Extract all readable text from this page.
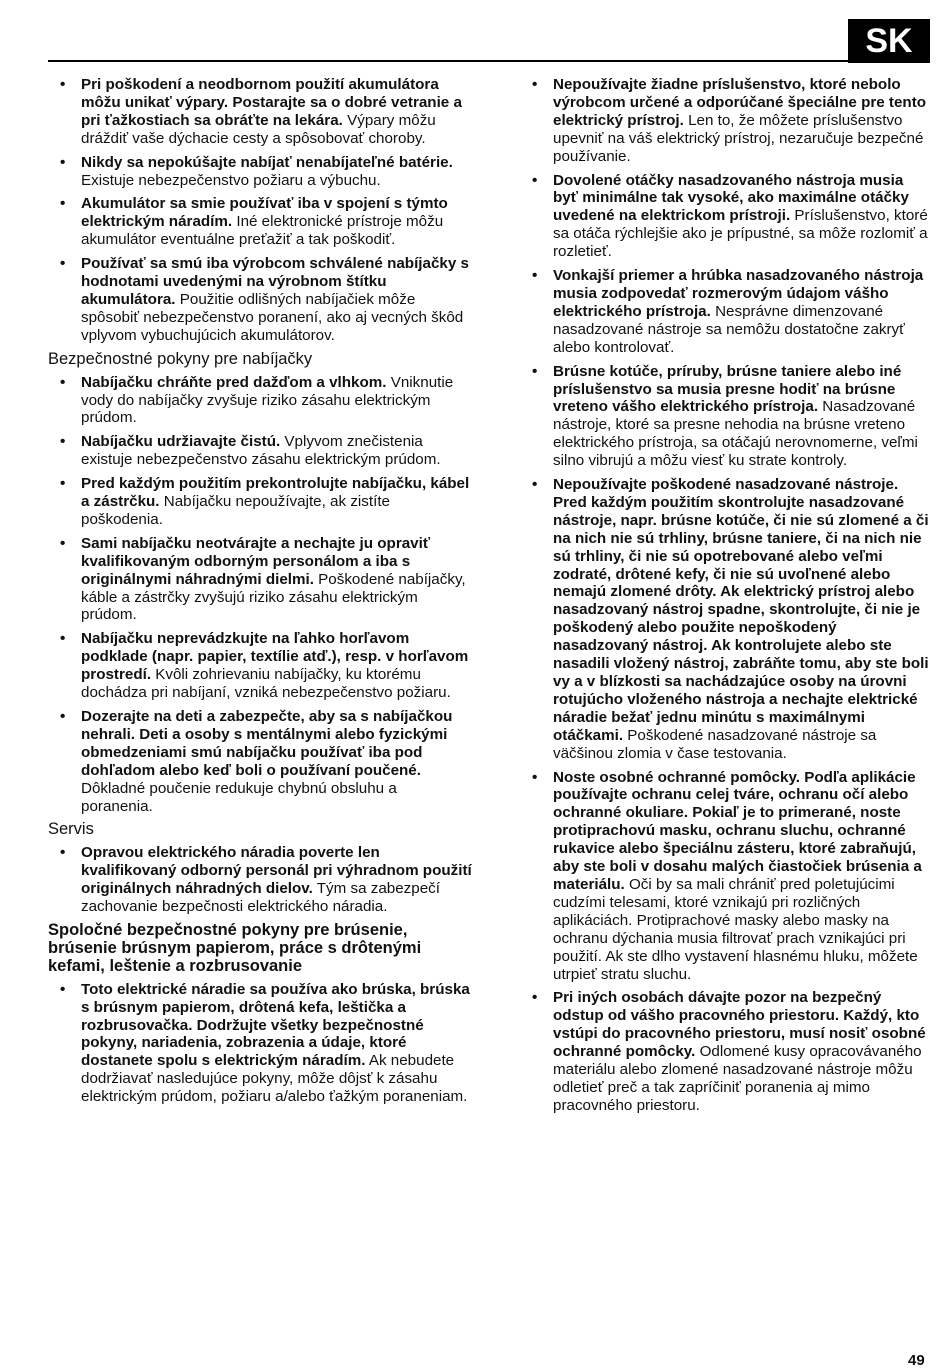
SK
• Pri poškodení a neodbornom použití akumulátora môžu unikať výpary. Postarajte sa o dobré vetranie a pri ťažkostiach sa obráťte na lekára. Výpary môžu dráždiť vaše dýchacie cesty a spôsobovať choroby.
• Nikdy sa nepokúšajte nabíjať nenabíjateľné batérie. Existuje nebezpečenstvo požiaru a výbuchu.
• Akumulátor sa smie používať iba v spojení s týmto elektrickým náradím. Iné elektronické prístroje môžu akumulátor eventuálne preťažiť a tak poškodiť.
• Používať sa smú iba výrobcom schválené nabíjačky s hodnotami uvedenými na výrobnom štítku akumulátora. Použitie odlišných nabíjačiek môže spôsobiť nebezpečenstvo poranení, ako aj vecných škôd vplyvom vybuchujúcich akumulátorov.
Bezpečnostné pokyny pre nabíjačky
• Nabíjačku chráňte pred dažďom a vlhkom. Vniknutie vody do nabíjačky zvyšuje riziko zásahu elektrickým prúdom.
• Nabíjačku udržiavajte čistú. Vplyvom znečistenia existuje nebezpečenstvo zásahu elektrickým prúdom.
• Pred každým použitím prekontrolujte nabíjačku, kábel a zástrčku. Nabíjačku nepoužívajte, ak zistíte poškodenia.
• Sami nabíjačku neotvárajte a nechajte ju opraviť kvalifikovaným odborným personálom a iba s originálnymi náhradnými dielmi. Poškodené nabíjačky, káble a zástrčky zvyšujú riziko zásahu elektrickým prúdom.
• Nabíjačku neprevádzkujte na ľahko horľavom podklade (napr. papier, textílie atď.), resp. v horľavom prostredí. Kvôli zohrievaniu nabíjačky, ku ktorému dochádza pri nabíjaní, vzniká nebezpečenstvo požiaru.
• Dozerajte na deti a zabezpečte, aby sa s nabíjačkou nehrali. Deti a osoby s mentálnymi alebo fyzickými obmedzeniami smú nabíjačku používať iba pod dohľadom alebo keď boli o používaní poučené. Dôkladné poučenie redukuje chybnú obsluhu a poranenia.
Servis
• Opravou elektrického náradia poverte len kvalifikovaný odborný personál pri výhradnom použití originálnych náhradných dielov. Tým sa zabezpečí zachovanie bezpečnosti elektrického náradia.
Spoločné bezpečnostné pokyny pre brúsenie, brúsenie brúsnym papierom, práce s drôtenými kefami, leštenie a rozbrusovanie
• Toto elektrické náradie sa používa ako brúska, brúska s brúsnym papierom, drôtená kefa, leštička a rozbrusovačka. Dodržujte všetky bezpečnostné pokyny, nariadenia, zobrazenia a údaje, ktoré dostanete spolu s elektrickým náradím. Ak nebudete dodržiavať nasledujúce pokyny, môže dôjsť k zásahu elektrickým prúdom, požiaru a/alebo ťažkým poraneniam.
• Nepoužívajte žiadne príslušenstvo, ktoré nebolo výrobcom určené a odporúčané špeciálne pre tento elektrický prístroj. Len to, že môžete príslušenstvo upevniť na váš elektrický prístroj, nezaručuje bezpečné používanie.
• Dovolené otáčky nasadzovaného nástroja musia byť minimálne tak vysoké, ako maximálne otáčky uvedené na elektrickom prístroji. Príslušenstvo, ktoré sa otáča rýchlejšie ako je prípustné, sa môže rozlomiť a rozletieť.
• Vonkajší priemer a hrúbka nasadzovaného nástroja musia zodpovedať rozmerovým údajom vášho elektrického prístroja. Nesprávne dimenzované nasadzované nástroje sa nemôžu dostatočne zakryť alebo kontrolovať.
• Brúsne kotúče, príruby, brúsne taniere alebo iné príslušenstvo sa musia presne hodiť na brúsne vreteno vášho elektrického prístroja. Nasadzované nástroje, ktoré sa presne nehodia na brúsne vreteno elektrického prístroja, sa otáčajú nerovnomerne, veľmi silno vibrujú a môžu viesť ku strate kontroly.
• Nepoužívajte poškodené nasadzované nástroje. Pred každým použitím skontrolujte nasadzované nástroje, napr. brúsne kotúče, či nie sú zlomené a či na nich nie sú trhliny, brúsne taniere, či na nich nie sú trhliny, či nie sú opotrebované alebo veľmi zodraté, drôtené kefy, či nie sú uvoľnené alebo nemajú zlomené drôty. Ak elektrický prístroj alebo nasadzovaný nástroj spadne, skontrolujte, či nie je poškodený alebo použite nepoškodený nasadzovaný nástroj. Ak kontrolujete alebo ste nasadili vložený nástroj, zabráňte tomu, aby ste boli vy a v blízkosti sa nachádzajúce osoby na úrovni rotujúcho vloženého nástroja a nechajte elektrické náradie bežať jednu minútu s maximálnymi otáčkami. Poškodené nasadzované nástroje sa väčšinou zlomia v čase testovania.
• Noste osobné ochranné pomôcky. Podľa aplikácie používajte ochranu celej tváre, ochranu očí alebo ochranné okuliare. Pokiaľ je to primerané, noste protiprachovú masku, ochranu sluchu, ochranné rukavice alebo špeciálnu zásteru, ktoré zabraňujú, aby ste boli v dosahu malých čiastočiek brúsenia a materiálu. Oči by sa mali chrániť pred poletujúcimi cudzími telesami, ktoré vznikajú pri rozličných aplikáciách. Protiprachové masky alebo masky na ochranu dýchania musia filtrovať prach vznikajúci pri použití. Ak ste dlho vystavení hlasnému hluku, môžete utrpieť stratu sluchu.
• Pri iných osobách dávajte pozor na bezpečný odstup od vášho pracovného priestoru. Každý, kto vstúpi do pracovného priestoru, musí nosiť osobné ochranné pomôcky. Odlomené kusy opracovávaného materiálu alebo zlomené nasadzované nástroje môžu odletieť preč a tak zapríčiniť poranenia aj mimo pracovného priestoru.
49
